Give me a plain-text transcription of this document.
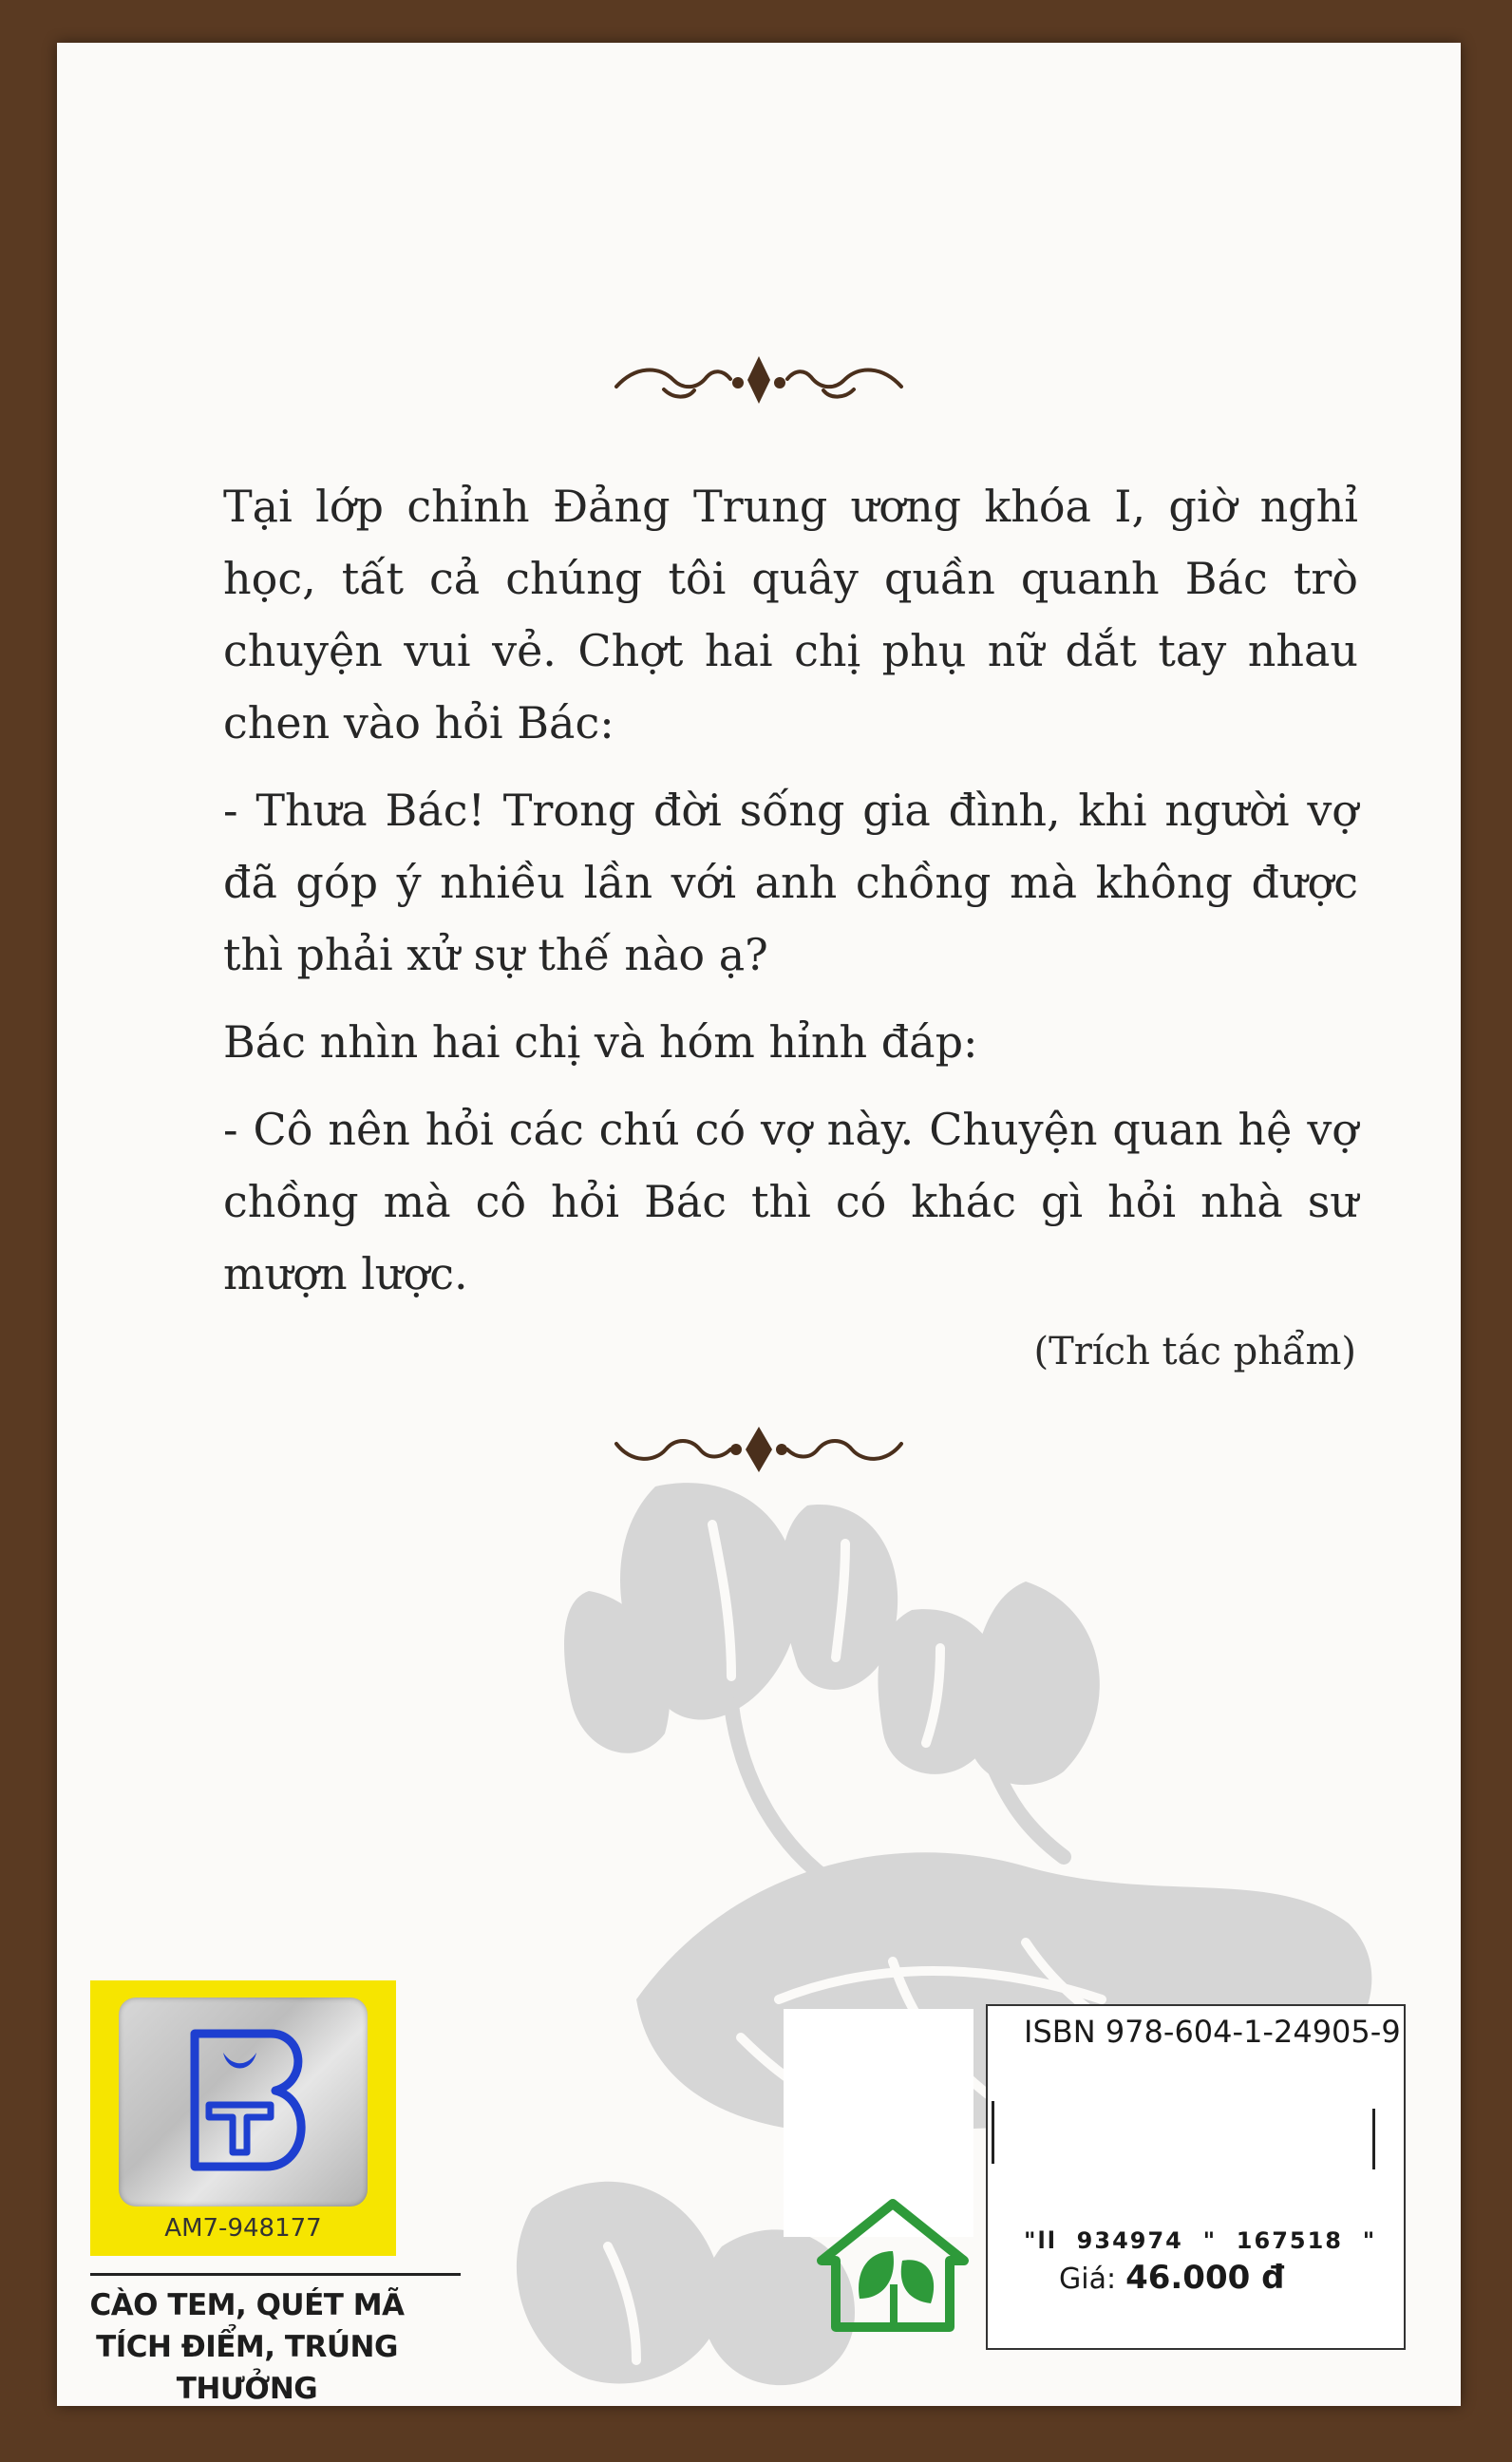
Tại lớp chỉnh Đảng Trung ương khóa I, giờ nghỉ học, tất cả chúng tôi quây quần quanh Bác trò chuyện vui vẻ. Chợt hai chị phụ nữ dắt tay nhau chen vào hỏi Bác:

- Thưa Bác! Trong đời sống gia đình, khi người vợ đã góp ý nhiều lần với anh chồng mà không được thì phải xử sự thế nào ạ?

Bác nhìn hai chị và hóm hỉnh đáp:

- Cô nên hỏi các chú có vợ này. Chuyện quan hệ vợ chồng mà cô hỏi Bác thì có khác gì hỏi nhà sư mượn lược.

(Trích tác phẩm)
ISBN 978-604-1-24905-9
"ll  934974  "  167518  "
Giá: 46.000 đ
AM7-948177
CÀO TEM, QUÉT MÃ
TÍCH ĐIỂM, TRÚNG THƯỞNG
